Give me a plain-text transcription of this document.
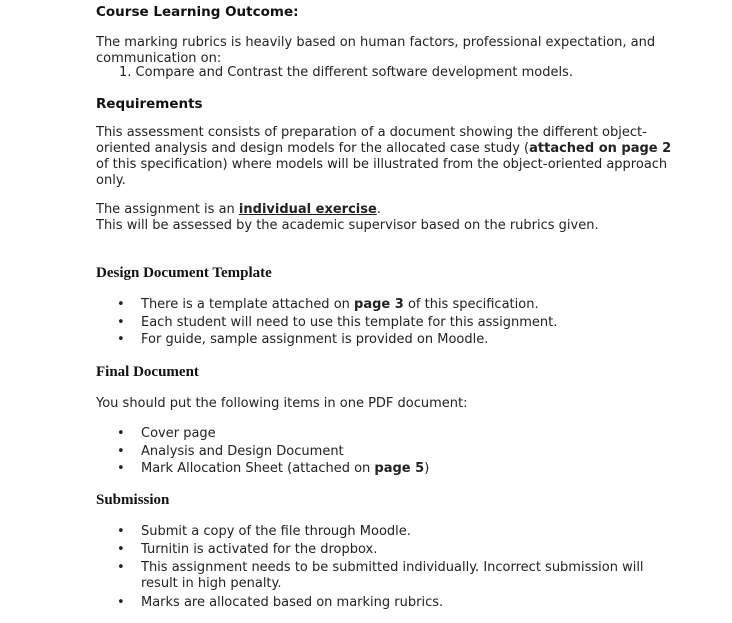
Course Learning Outcome:

The marking rubrics is heavily based on human factors, professional expectation, and

communication on:

1. Compare and Contrast the different software development models.
Requirements

This assessment consists of preparation of a document showing the different object-

oriented analysis and design models for the allocated case study (attached on page 2

of this specification) where models will be illustrated from the object-oriented approach

only.

The assignment is an individual exercise.

This will be assessed by the academic supervisor based on the rubrics given.

Design Document Template
• There is a template attached on page 3 of this specification.
• Each student will need to use this template for this assignment.
• For guide, sample assignment is provided on Moodle.
Final Document
You should put the following items in one PDF document:
• Cover page
• Analysis and Design Document
• Mark Allocation Sheet (attached on page 5)
Submission
• Submit a copy of the file through Moodle.
• Turnitin is activated for the dropbox.
• This assignment needs to be submitted individually. Incorrect submission will

result in high penalty.

• Marks are allocated based on marking rubrics.
